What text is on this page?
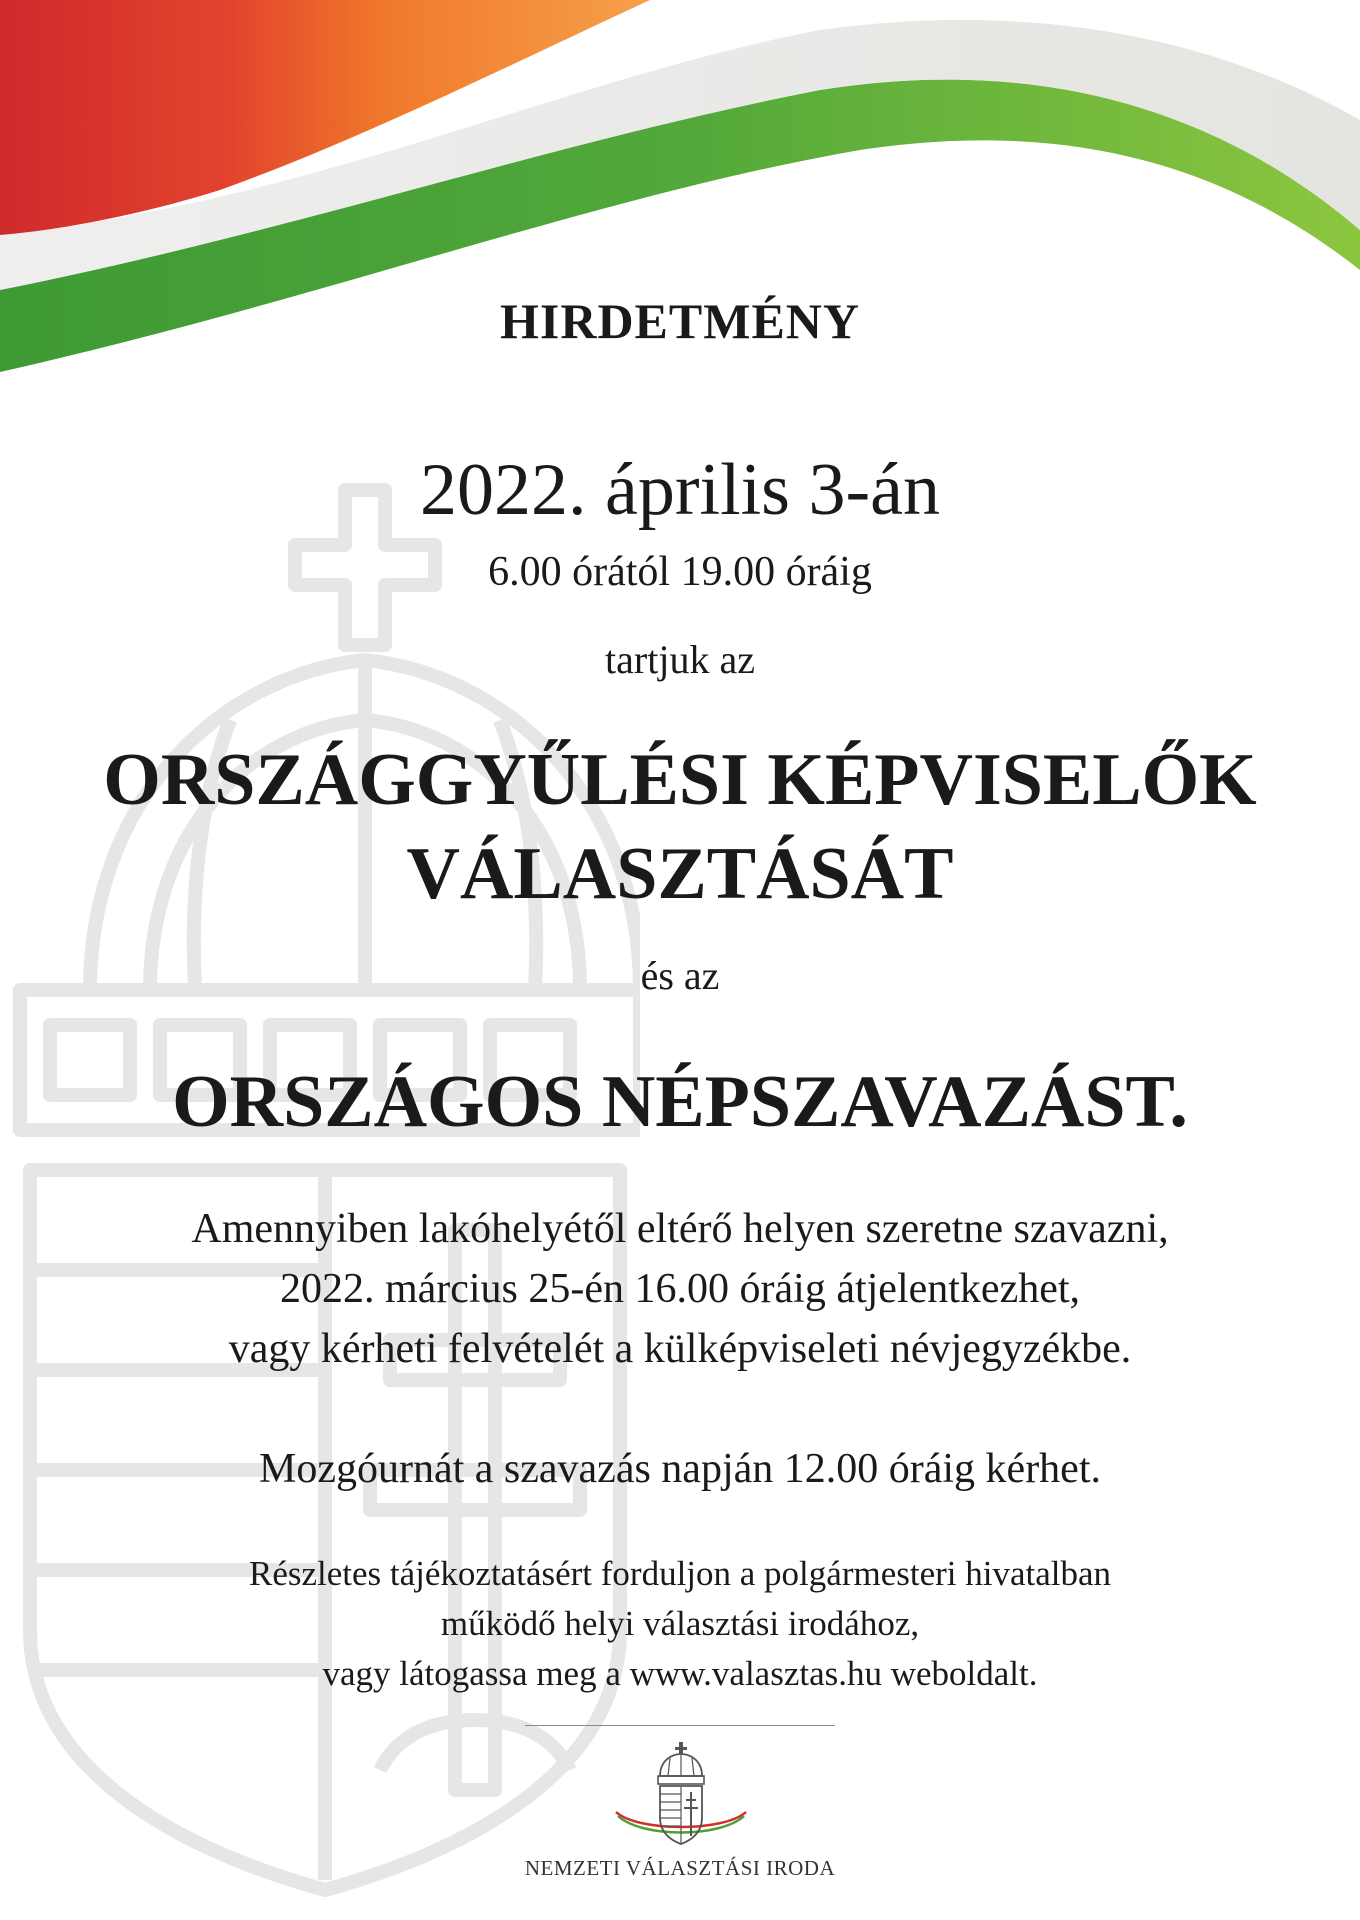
HIRDETMÉNY
2022. április 3-án
6.00 órától 19.00 óráig
tartjuk az
ORSZÁGGYŰLÉSI KÉPVISELŐK
VÁLASZTÁSÁT
és az
ORSZÁGOS NÉPSZAVAZÁST.
Amennyiben lakóhelyétől eltérő helyen szeretne szavazni,
2022. március 25-én 16.00 óráig átjelentkezhet,
vagy kérheti felvételét a külképviseleti névjegyzékbe.
Mozgóurnát a szavazás napján 12.00 óráig kérhet.
Részletes tájékoztatásért forduljon a polgármesteri hivatalban
működő helyi választási irodához,
vagy látogassa meg a www.valasztas.hu weboldalt.
NEMZETI VÁLASZTÁSI IRODA
